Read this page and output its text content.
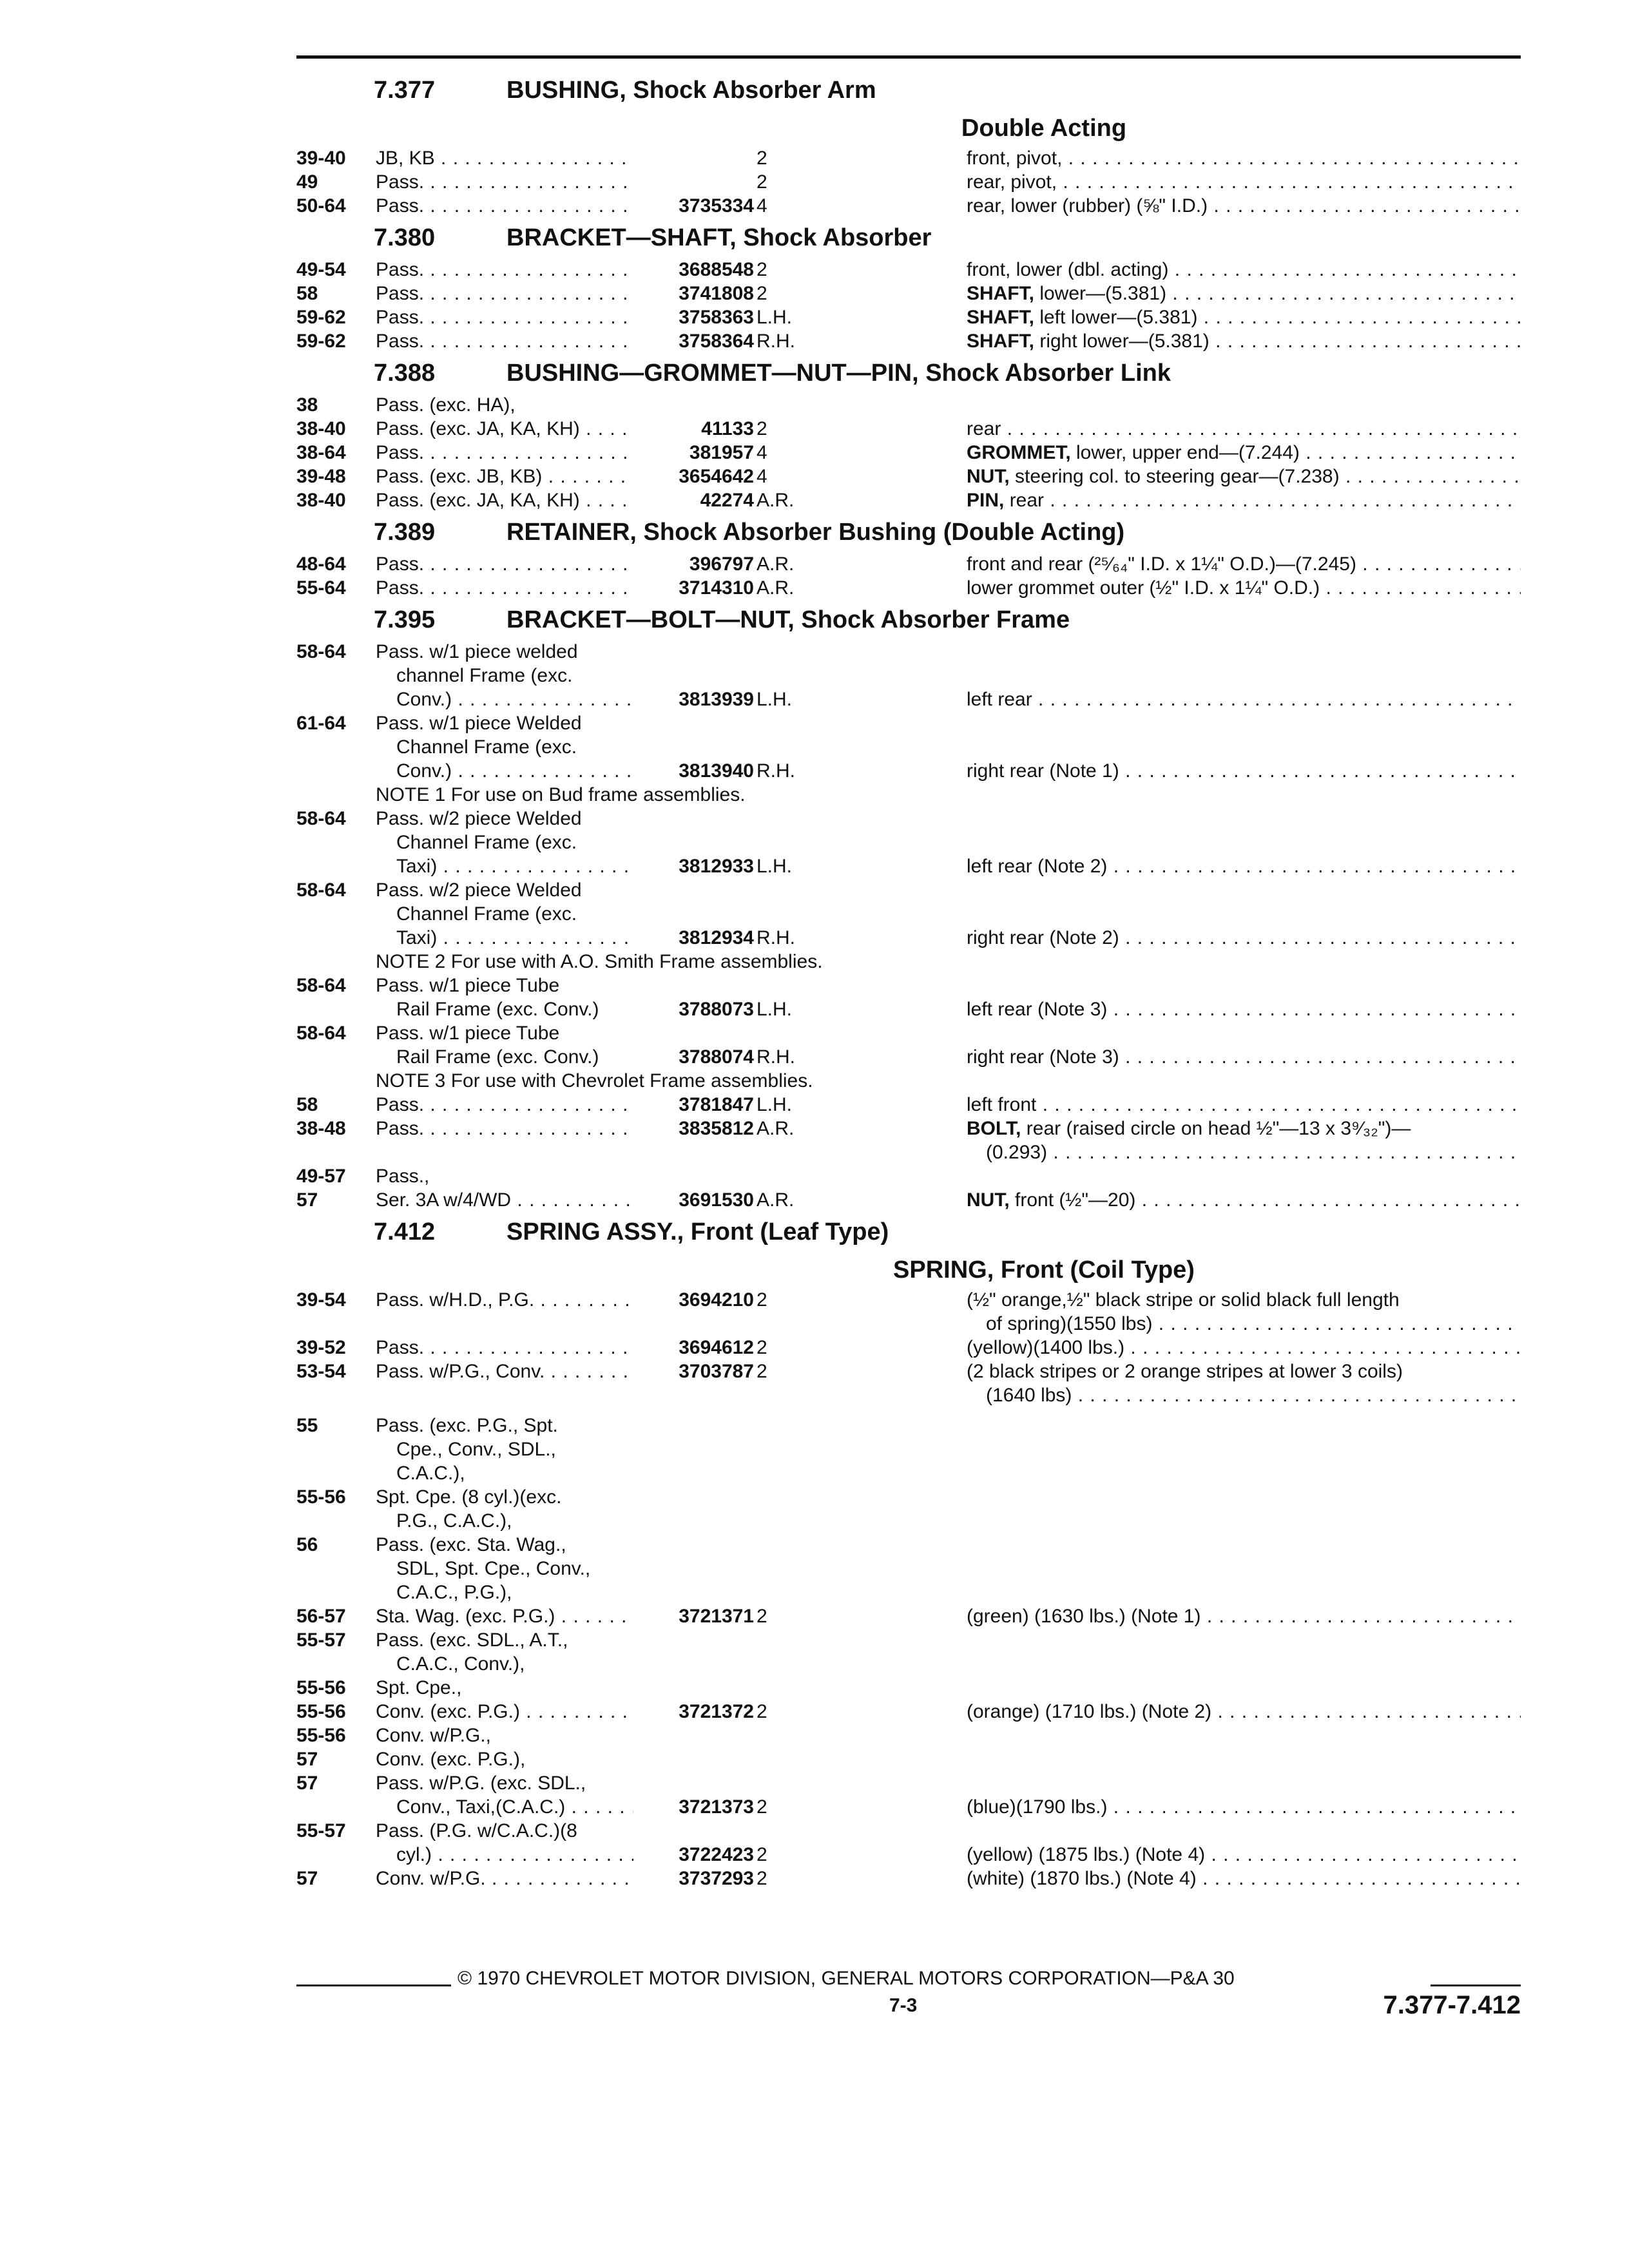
7.377	BUSHING, Shock Absorber Arm
Double Acting
39-40 JB, KB . . .	2	front, pivot, . . .
49	Pass. . . .	2	rear, pivot, . . .
50-64 Pass. . . .	3735334 4	rear, lower (rubber) (⅝" I.D.) . . .
7.380	BRACKET—SHAFT, Shock Absorber
49-54 Pass. . . .	3688548 2	front, lower (dbl. acting) . . .
58	Pass. . . .	3741808 2	SHAFT, lower—(5.381) . . .
59-62 Pass. . . .	3758363 L.H.	SHAFT, left lower—(5.381) . . .
59-62 Pass. . . .	3758364 R.H.	SHAFT, right lower—(5.381) . . .
7.388	BUSHING—GROMMET—NUT—PIN, Shock Absorber Link
38	Pass. (exc. HA),
38-40 Pass. (exc. JA, KA, KH) . . .	41133 2	rear . . .
38-64 Pass. . . .	381957 4	GROMMET, lower, upper end—(7.244) . . .
39-48 Pass. (exc. JB, KB) . . .	3654642 4	NUT, steering col. to steering gear—(7.238) . . .
38-40 Pass. (exc. JA, KA, KH) . . .	42274 A.R.	PIN, rear . . .
7.389	RETAINER, Shock Absorber Bushing (Double Acting)
48-64 Pass. . . .	396797 A.R.	front and rear (²⁵⁄₆₄" I.D. x 1¼" O.D.)—(7.245) . . .
55-64 Pass. . . .	3714310 A.R.	lower grommet outer (½" I.D. x 1¼" O.D.) . . .
7.395	BRACKET—BOLT—NUT, Shock Absorber Frame
58-64 Pass. w/1 piece welded
channel Frame (exc.
Conv.) . . .	3813939 L.H.	left rear . . .
61-64 Pass. w/1 piece Welded
Channel Frame (exc.
Conv.) . . .	3813940 R.H.	right rear (Note 1) . . .
NOTE 1 For use on Bud frame assemblies.
58-64 Pass. w/2 piece Welded
Channel Frame (exc.
Taxi) . . .	3812933 L.H.	left rear (Note 2) . . .
58-64 Pass. w/2 piece Welded
Channel Frame (exc.
Taxi) . . .	3812934 R.H.	right rear (Note 2) . . .
NOTE 2 For use with A.O. Smith Frame assemblies.
58-64 Pass. w/1 piece Tube
Rail Frame (exc. Conv.)	3788073 L.H.	left rear (Note 3) . . .
58-64 Pass. w/1 piece Tube
Rail Frame (exc. Conv.)	3788074 R.H.	right rear (Note 3) . . .
NOTE 3 For use with Chevrolet Frame assemblies.
58	Pass. . . .	3781847 L.H.	left front . . .
38-48 Pass. . . .	3835812 A.R.	BOLT, rear (raised circle on head ½"—13 x 3⁹⁄₃₂")—
(0.293) . . .
49-57 Pass.,
57	Ser. 3A w/4/WD . . .	3691530 A.R.	NUT, front (½"—20) . . .
7.412	SPRING ASSY., Front (Leaf Type)
SPRING, Front (Coil Type)
39-54 Pass. w/H.D., P.G. . . .	3694210 2	(½" orange,½" black stripe or solid black full length
of spring)(1550 lbs) . . .
39-52 Pass. . . .	3694612 2	(yellow)(1400 lbs.) . . .
53-54 Pass. w/P.G., Conv. . . .	3703787 2	(2 black stripes or 2 orange stripes at lower 3 coils)
(1640 lbs) . . .
55	Pass. (exc. P.G., Spt.
Cpe., Conv., SDL.,
C.A.C.),
55-56 Spt. Cpe. (8 cyl.)(exc.
P.G., C.A.C.),
56	Pass. (exc. Sta. Wag.,
SDL, Spt. Cpe., Conv.,
C.A.C., P.G.),
56-57 Sta. Wag. (exc. P.G.) . . .	3721371 2	(green) (1630 lbs.) (Note 1) . . .
55-57 Pass. (exc. SDL., A.T.,
C.A.C., Conv.),
55-56 Spt. Cpe.,
55-56 Conv. (exc. P.G.) . . .	3721372 2	(orange) (1710 lbs.) (Note 2) . . .
55-56 Conv. w/P.G.,
57	Conv. (exc. P.G.),
57	Pass. w/P.G. (exc. SDL.,
Conv., Taxi,(C.A.C.) . . .	3721373 2	(blue)(1790 lbs.) . . .
55-57 Pass. (P.G. w/C.A.C.)(8
cyl.) . . .	3722423 2	(yellow) (1875 lbs.) (Note 4) . . .
57	Conv. w/P.G. . . .	3737293 2	(white) (1870 lbs.) (Note 4) . . .
© 1970 CHEVROLET MOTOR DIVISION, GENERAL MOTORS CORPORATION—P&A 30
7-3	7.377-7.412
